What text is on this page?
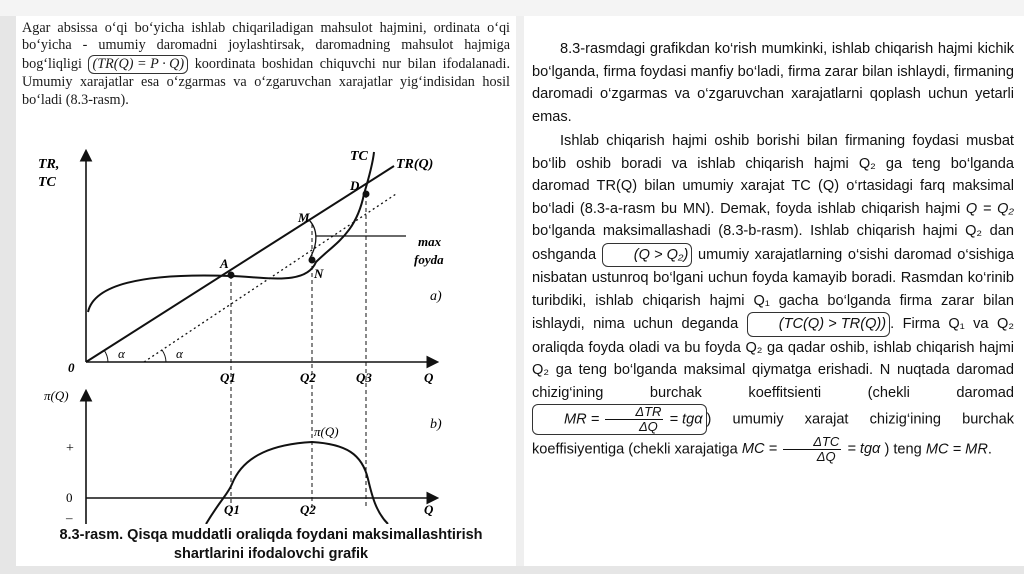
Agar absissa o‘qi bo‘yicha ishlab chiqariladigan mahsulot hajmini, ordinata o‘qi bo‘yicha - umumiy daromadni joylashtirsak, daromadning mahsulot hajmiga bog‘liqligi (TR(Q) = P · Q) koordinata boshidan chiquvchi nur bilan ifodalanadi. Umumiy xarajatlar esa o‘zgarmas va o‘zgaruvchan xarajatlar yig‘indisidan hosil bo‘ladi (8.3-rasm).
TR,
TC
TC
TR(Q)
D
M
A
N
max
foyda
a)
α	α
0
Q1	Q2	Q3	Q
π(Q)
b)
π(Q)
+
0
–
Q1	Q2	Q
8.3-rasm. Qisqa muddatli oraliqda foydani maksimallashtirish
shartlarini ifodalovchi grafik
8.3-rasmdagi grafikdan ko‘rish mumkinki, ishlab chiqarish hajmi kichik bo‘lganda, firma foydasi manfiy bo‘ladi, firma zarar bilan ishlaydi, firmaning daromadi o‘zgarmas va o‘zgaruvchan xarajatlarni qoplash uchun yetarli emas.
Ishlab chiqarish hajmi oshib borishi bilan firmaning foydasi musbat bo‘lib oshib boradi va ishlab chiqarish hajmi Q₂ ga teng bo‘lganda daromad TR(Q) bilan umumiy xarajat TC (Q) o‘rtasidagi farq maksimal bo‘ladi (8.3-a-rasm bu MN). Demak, foyda ishlab chiqarish hajmi Q = Q₂ bo‘lganda maksimallashadi (8.3-b-rasm). Ishlab chiqarish hajmi Q₂ dan oshganda	(Q > Q₂) umumiy xarajatlarning o‘sishi daromad o‘sishiga nisbatan ustunroq bo‘lgani uchun foyda kamayib boradi. Rasmdan ko‘rinib turibdiki, ishlab chiqarish hajmi Q₁ gacha bo‘lganda firma zarar bilan ishlaydi, nima uchun deganda	(TC(Q) > TR(Q)) . Firma Q₁ va Q₂ oraliqda foyda oladi va bu foyda Q₂ ga qadar oshib, ishlab chiqarish hajmi Q₂ ga teng bo‘lganda maksimal qiymatga erishadi. N nuqtada daromad chizig‘ining burchak koeffitsienti (chekli daromad MR = $\frac{\text{ΔTR}}{\Delta Q} = tg\alpha$ ) umumiy xarajat chizig‘ining burchak koeffisiyentiga (chekli xarajatiga MC = $\frac{\text{ΔTC}}{\Delta Q} = tg\alpha$ ) teng MC = MR.
